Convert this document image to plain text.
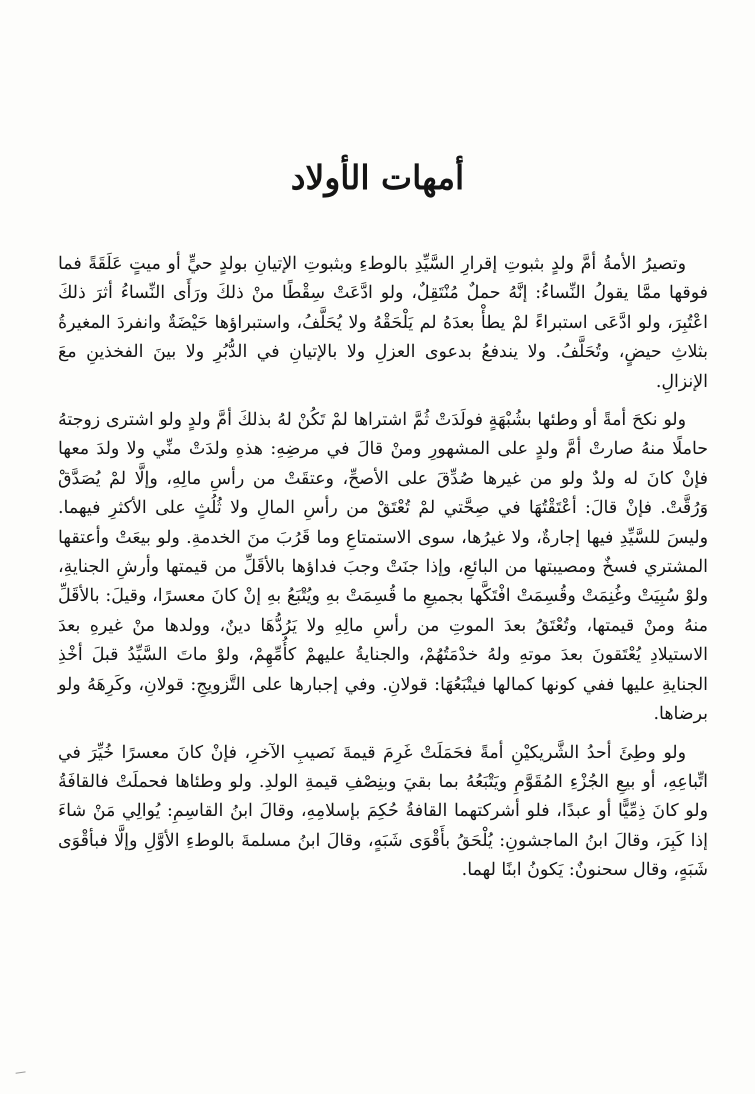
أمهات الأولاد

وتصيرُ الأمةُ أمَّ ولدٍ بثبوتِ إقرارِ السَّيِّدِ بالوطءِ وبثبوتِ الإتيانِ بولدٍ حيٍّ أو ميتٍ عَلَقَةً فما فوقها ممَّا يقولُ النِّساءُ: إنَّهُ حملٌ مُنْتَقِلٌ، ولو ادَّعَتْ سِقْطًا منْ ذلكَ ورَأَى النِّساءُ أثرَ ذلكَ اعْتُبِرَ، ولو ادَّعَى استبراءً لمْ يطأْ بعدَهُ لم يَلْحَقْهُ ولا يُحَلَّفُ، واستبراؤها حَيْضَةٌ وانفردَ المغيرةُ بثلاثِ حيضٍ، وتُحَلَّفُ. ولا يندفعُ بدعوى العزلِ ولا بالإتيانِ في الدُّبُرِ ولا بينَ الفخذينِ معَ الإنزالِ.

ولو نكحَ أمةً أو وطئها بشُبْهَةٍ فولَدَتْ ثُمَّ اشتراها لمْ تَكُنْ لهُ بذلكَ أمَّ ولدٍ ولو اشترى زوجتهُ حاملًا منهُ صارتْ أمَّ ولدٍ على المشهورِ ومنْ قالَ في مرضِهِ: هذهِ ولدَتْ منِّي ولا ولدَ معها فإنْ كانَ له ولدٌ ولو من غيرها صُدِّقَ على الأصحِّ، وعتقَتْ من رأسِ مالِهِ، وإلَّا لمْ يُصَدَّقْ وَرُقَّتْ. فإنْ قالَ: أعْتَقْتُهَا في صِحَّتي لمْ تُعْتَقْ من رأسِ المالِ ولا ثُلُثٍ على الأكثرِ فيهما. وليسَ للسَّيِّدِ فيها إجارةٌ، ولا غيرُها، سوى الاستمتاعِ وما قَرُبَ منَ الخدمةِ. ولو بيعَتْ وأعتقها المشتري فسخٌ ومصيبتها من البائعِ، وإذا جنَتْ وجبَ فداؤها بالأقَلِّ من قيمتها وأرشِ الجنايةِ، ولوْ سُبِيَتْ وغُنِمَتْ وقُسِمَتْ افْتَكَّها بجميعِ ما قُسِمَتْ بهِ ويُتْبَعُ بهِ إنْ كانَ معسرًا، وقيلَ: بالأقَلِّ منهُ ومنْ قيمتها، وتُعْتَقُ بعدَ الموتِ من رأسِ مالِهِ ولا يَرُدُّهَا دينٌ، وولدها منْ غيرهِ بعدَ الاستيلادِ يُعْتَقونَ بعدَ موتهِ ولهُ خدْمَتُهُمْ، والجنايةُ عليهمْ كأُمِّهِمْ، ولوْ ماتَ السَّيِّدُ قبلَ أخْذِ الجنايةِ عليها ففي كونها كمالها فيتْبَعُهَا: قولانِ. وفي إجبارها على التَّزويجِ: قولانِ، وكَرِهَهُ ولو برضاها.

ولو وطِئَ أحدُ الشَّريكيْنِ أمةً فحَمَلَتْ غَرِمَ قيمةَ نَصيبِ الآخرِ، فإنْ كانَ معسرًا خُيِّرَ في اتِّباعِهِ، أو بيعِ الجُزْءِ المُقَوَّمِ ويَتْبَعُهُ بما بقيَ وبنِصْفِ قيمةِ الولدِ. ولو وطئاها فحملَتْ فالقافَةُ ولو كانَ ذِمِّيًّا أو عبدًا، فلو أشركتهما القافةُ حُكِمَ بإسلامِهِ، وقالَ ابنُ القاسِمِ: يُوالِي مَنْ شاءَ إذا كَبِرَ، وقالَ ابنُ الماجشونِ: يُلْحَقُ بأَقْوَى شَبَهٍ، وقالَ ابنُ مسلمةَ بالوطءِ الأوَّلِ وإلَّا فبأقْوَى شَبَهٍ، وقال سحنونٌ: يَكونُ ابنًا لهما.
